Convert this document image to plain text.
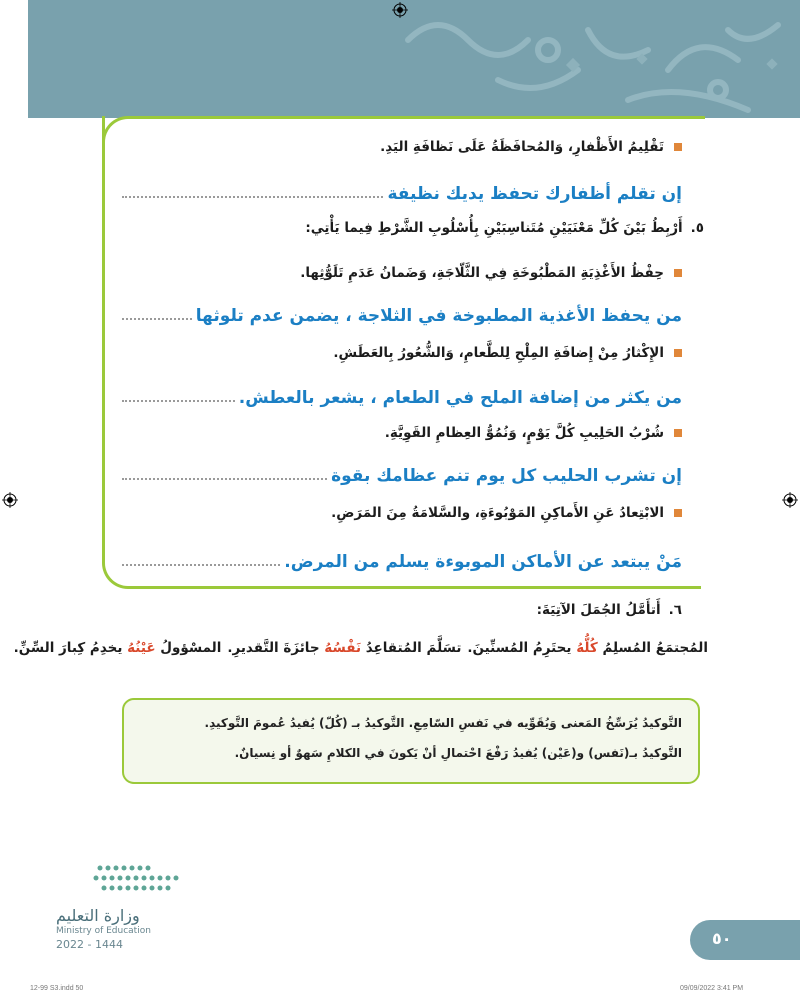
تَقْلِيمُ الأَظْفارِ، وَالمُحافَظَةُ عَلَى نَظافَةِ اليَدِ.
إن تقلم أظفارك تحفظ يديك نظيفة
٥.
أَرْبِطُ بَيْنَ كُلِّ مَعْنَيَيْنِ مُتَناسِبَيْنِ بِأُسْلُوبِ الشَّرْطِ فِيما يَأْتِي:
حِفْظُ الأَغْذِيَةِ المَطْبُوخَةِ فِي الثَّلّاجَةِ، وَضَمانُ عَدَمِ تَلَوُّثِها.
من يحفظ الأغذية المطبوخة في الثلاجة ، يضمن عدم تلوثها
الإِكْثارُ مِنْ إِضافَةِ المِلْحِ لِلطَّعامِ، وَالشُّعُورُ بِالعَطَشِ.
من يكثر من إضافة الملح في الطعام ، يشعر بالعطش.
شُرْبُ الحَلِيبِ كُلَّ يَوْمٍ، وَنُمُوُّ العِظامِ القَوِيَّةِ.
إن تشرب الحليب كل يوم تنم عظامك بقوة
الابْتِعادُ عَنِ الأَماكِنِ المَوْبُوءَةِ، والسَّلامَةُ مِنَ المَرَضِ.
مَنْ يبتعد عن الأماكن الموبوءة يسلم من المرض.
٦.
أَتأَمَّلُ الجُمَلَ الآتِيَةَ:
المُجتمَعُ المُسلِمُ كُلُّهُ يحتَرِمُ المُسنِّينَ.
تسَلَّمَ المُتقاعِدُ نَفْسُهُ جائزَةَ التَّقديرِ.
المسْؤولُ عَيْنُهُ يخدِمُ كِبارَ السِّنِّ.
التَّوكيدُ يُرَسِّخُ المَعنى وَيُقَوِّيه في نَفسِ السّامِعِ. التَّوكيدُ بـ (كُلّ) يُفيدُ عُمومَ التَّوكيدِ.
التَّوكيدُ بـ(نَفس) و(عَيْن) يُفيدُ رَفْعَ احْتمالِ أنْ يَكونَ في الكلامِ سَهوٌ أو نِسيانٌ.
وزارة التعليم
Ministry of Education
2022 - 1444	٥٠
12-99 S3.indd 50	09/09/2022 3:41 PM
